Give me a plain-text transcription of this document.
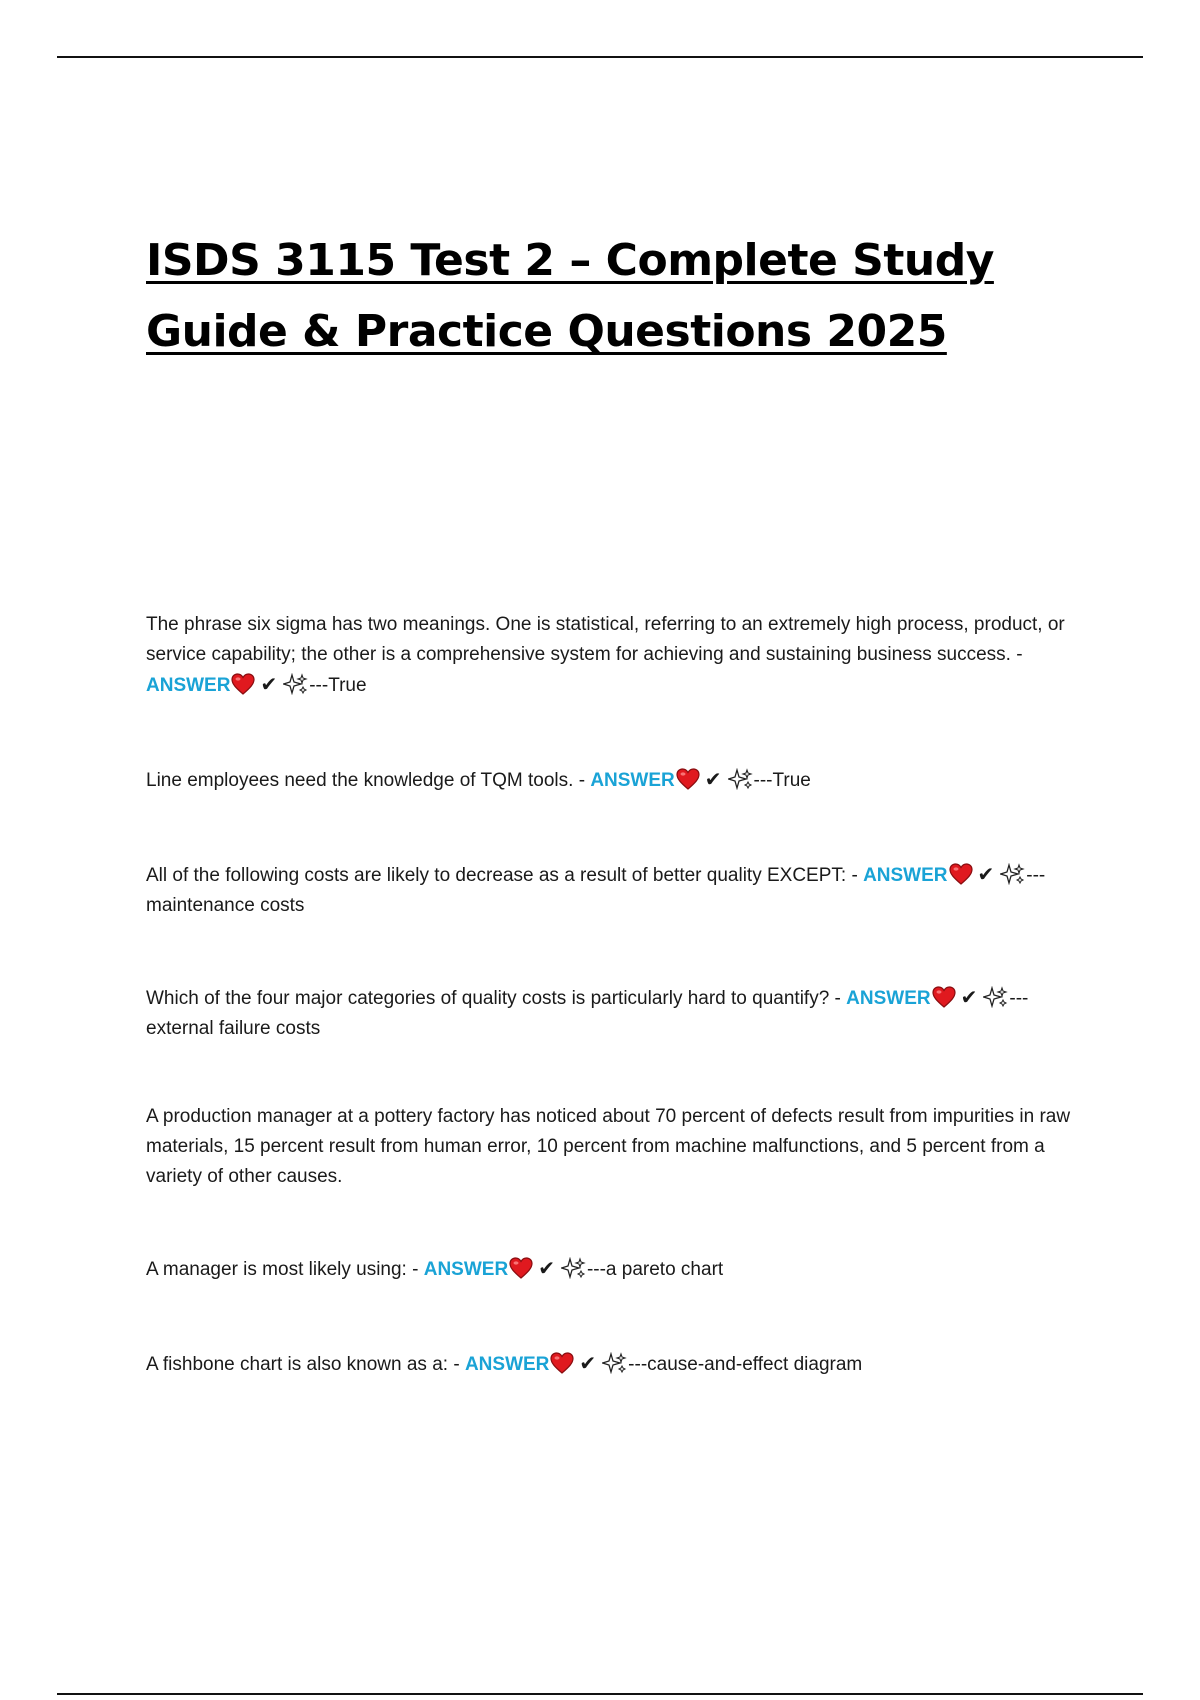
ISDS 3115 Test 2 – Complete Study Guide & Practice Questions 2025

The phrase six sigma has two meanings. One is statistical, referring to an extremely high process, product, or service capability; the other is a comprehensive system for achieving and sustaining business success. - ANSWER ✔ ---True

Line employees need the knowledge of TQM tools. - ANSWER ✔ ---True

All of the following costs are likely to decrease as a result of better quality EXCEPT: - ANSWER ✔ ---maintenance costs

Which of the four major categories of quality costs is particularly hard to quantify? - ANSWER ✔ ---external failure costs

A production manager at a pottery factory has noticed about 70 percent of defects result from impurities in raw materials, 15 percent result from human error, 10 percent from machine malfunctions, and 5 percent from a variety of other causes.

A manager is most likely using: - ANSWER ✔ ---a pareto chart

A fishbone chart is also known as a: - ANSWER ✔ ---cause-and-effect diagram
